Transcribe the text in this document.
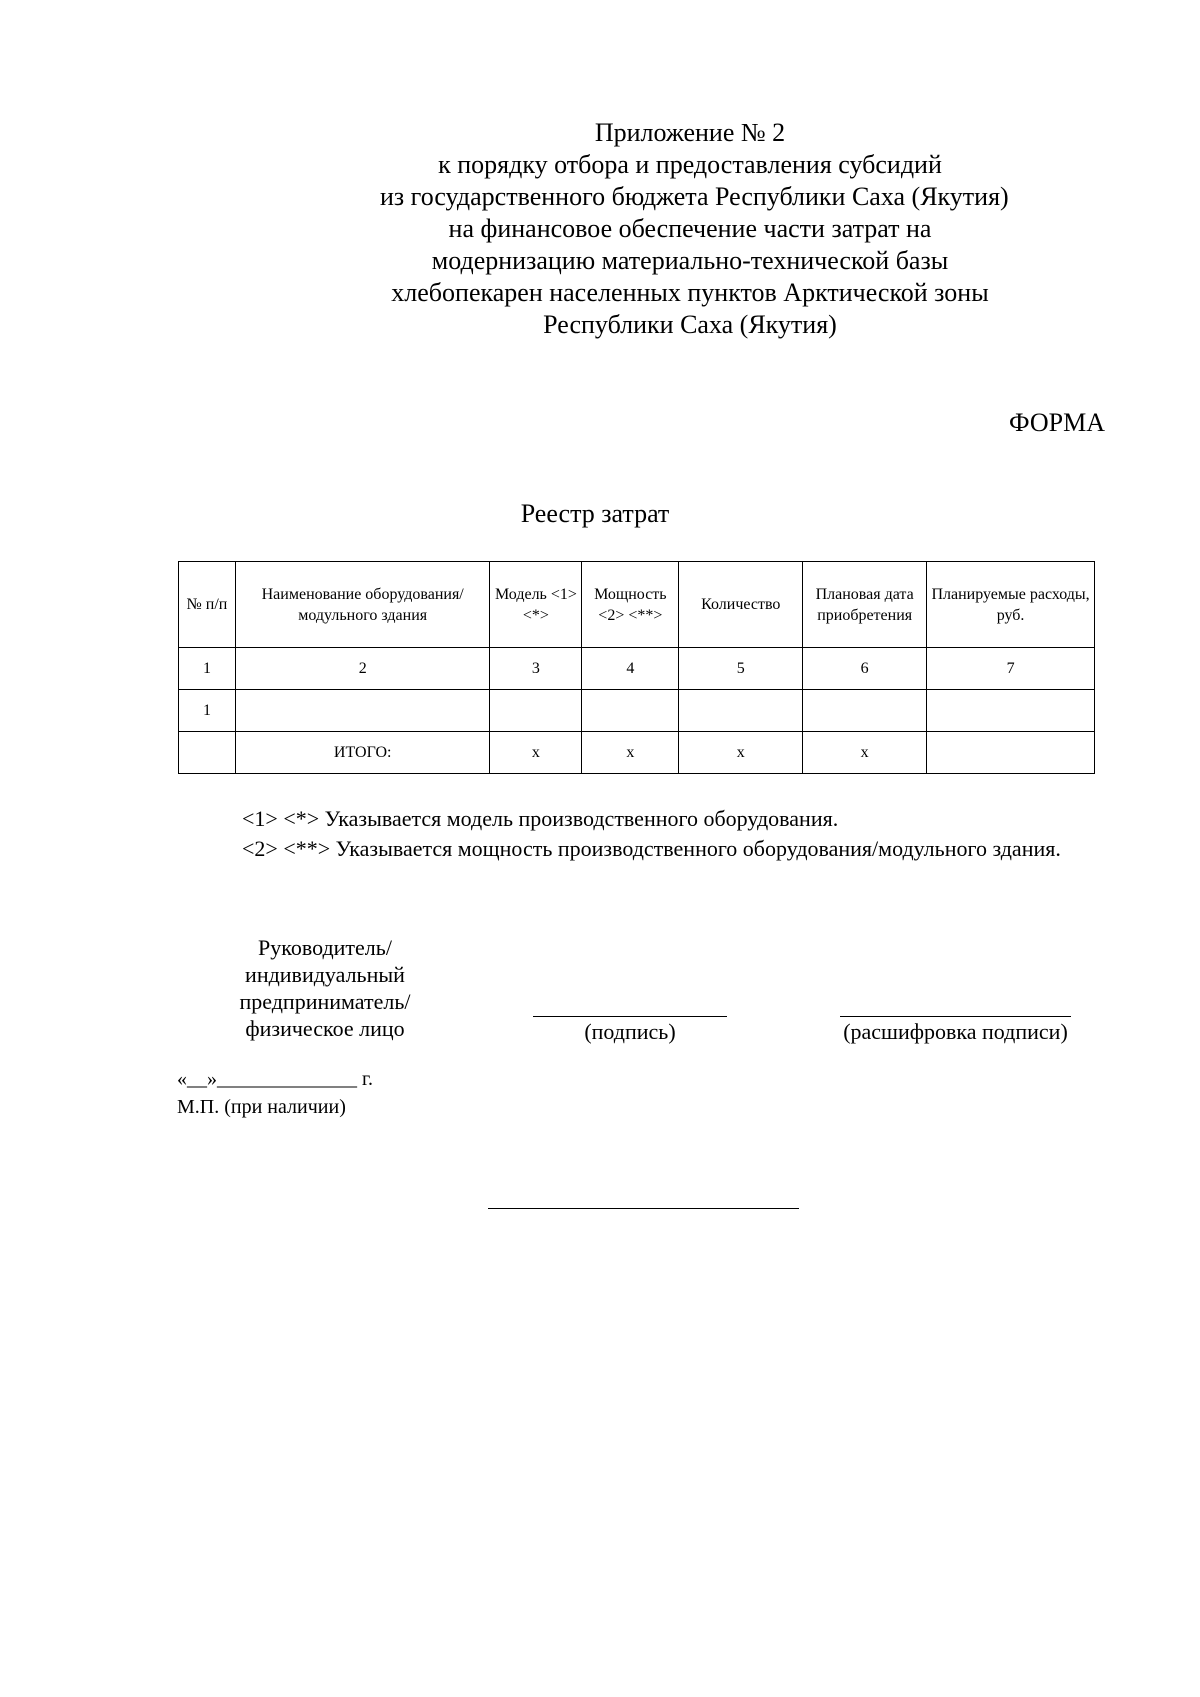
Приложение № 2
к порядку отбора и предоставления субсидий
из государственного бюджета Республики Саха (Якутия)
на финансовое обеспечение части затрат на
модернизацию материально-технической базы
хлебопекарен населенных пунктов Арктической зоны
Республики Саха (Якутия)
ФОРМА
Реестр затрат
№ п/п	Наименование оборудования/ модульного здания	Модель <1><*>	Мощность <2> <**>	Количество	Плановая дата приобретения	Планируемые расходы, руб.
1	2	3	4	5	6	7
1						
	ИТОГО:	x	x	x	x	

<1> <*> Указывается модель производственного оборудования.

<2> <**> Указывается мощность производственного оборудования/модульного здания.

Руководитель/
индивидуальный
предприниматель/
физическое лицо	(подпись)	(расшифровка подписи)
«__»______________ г.
М.П. (при наличии)
